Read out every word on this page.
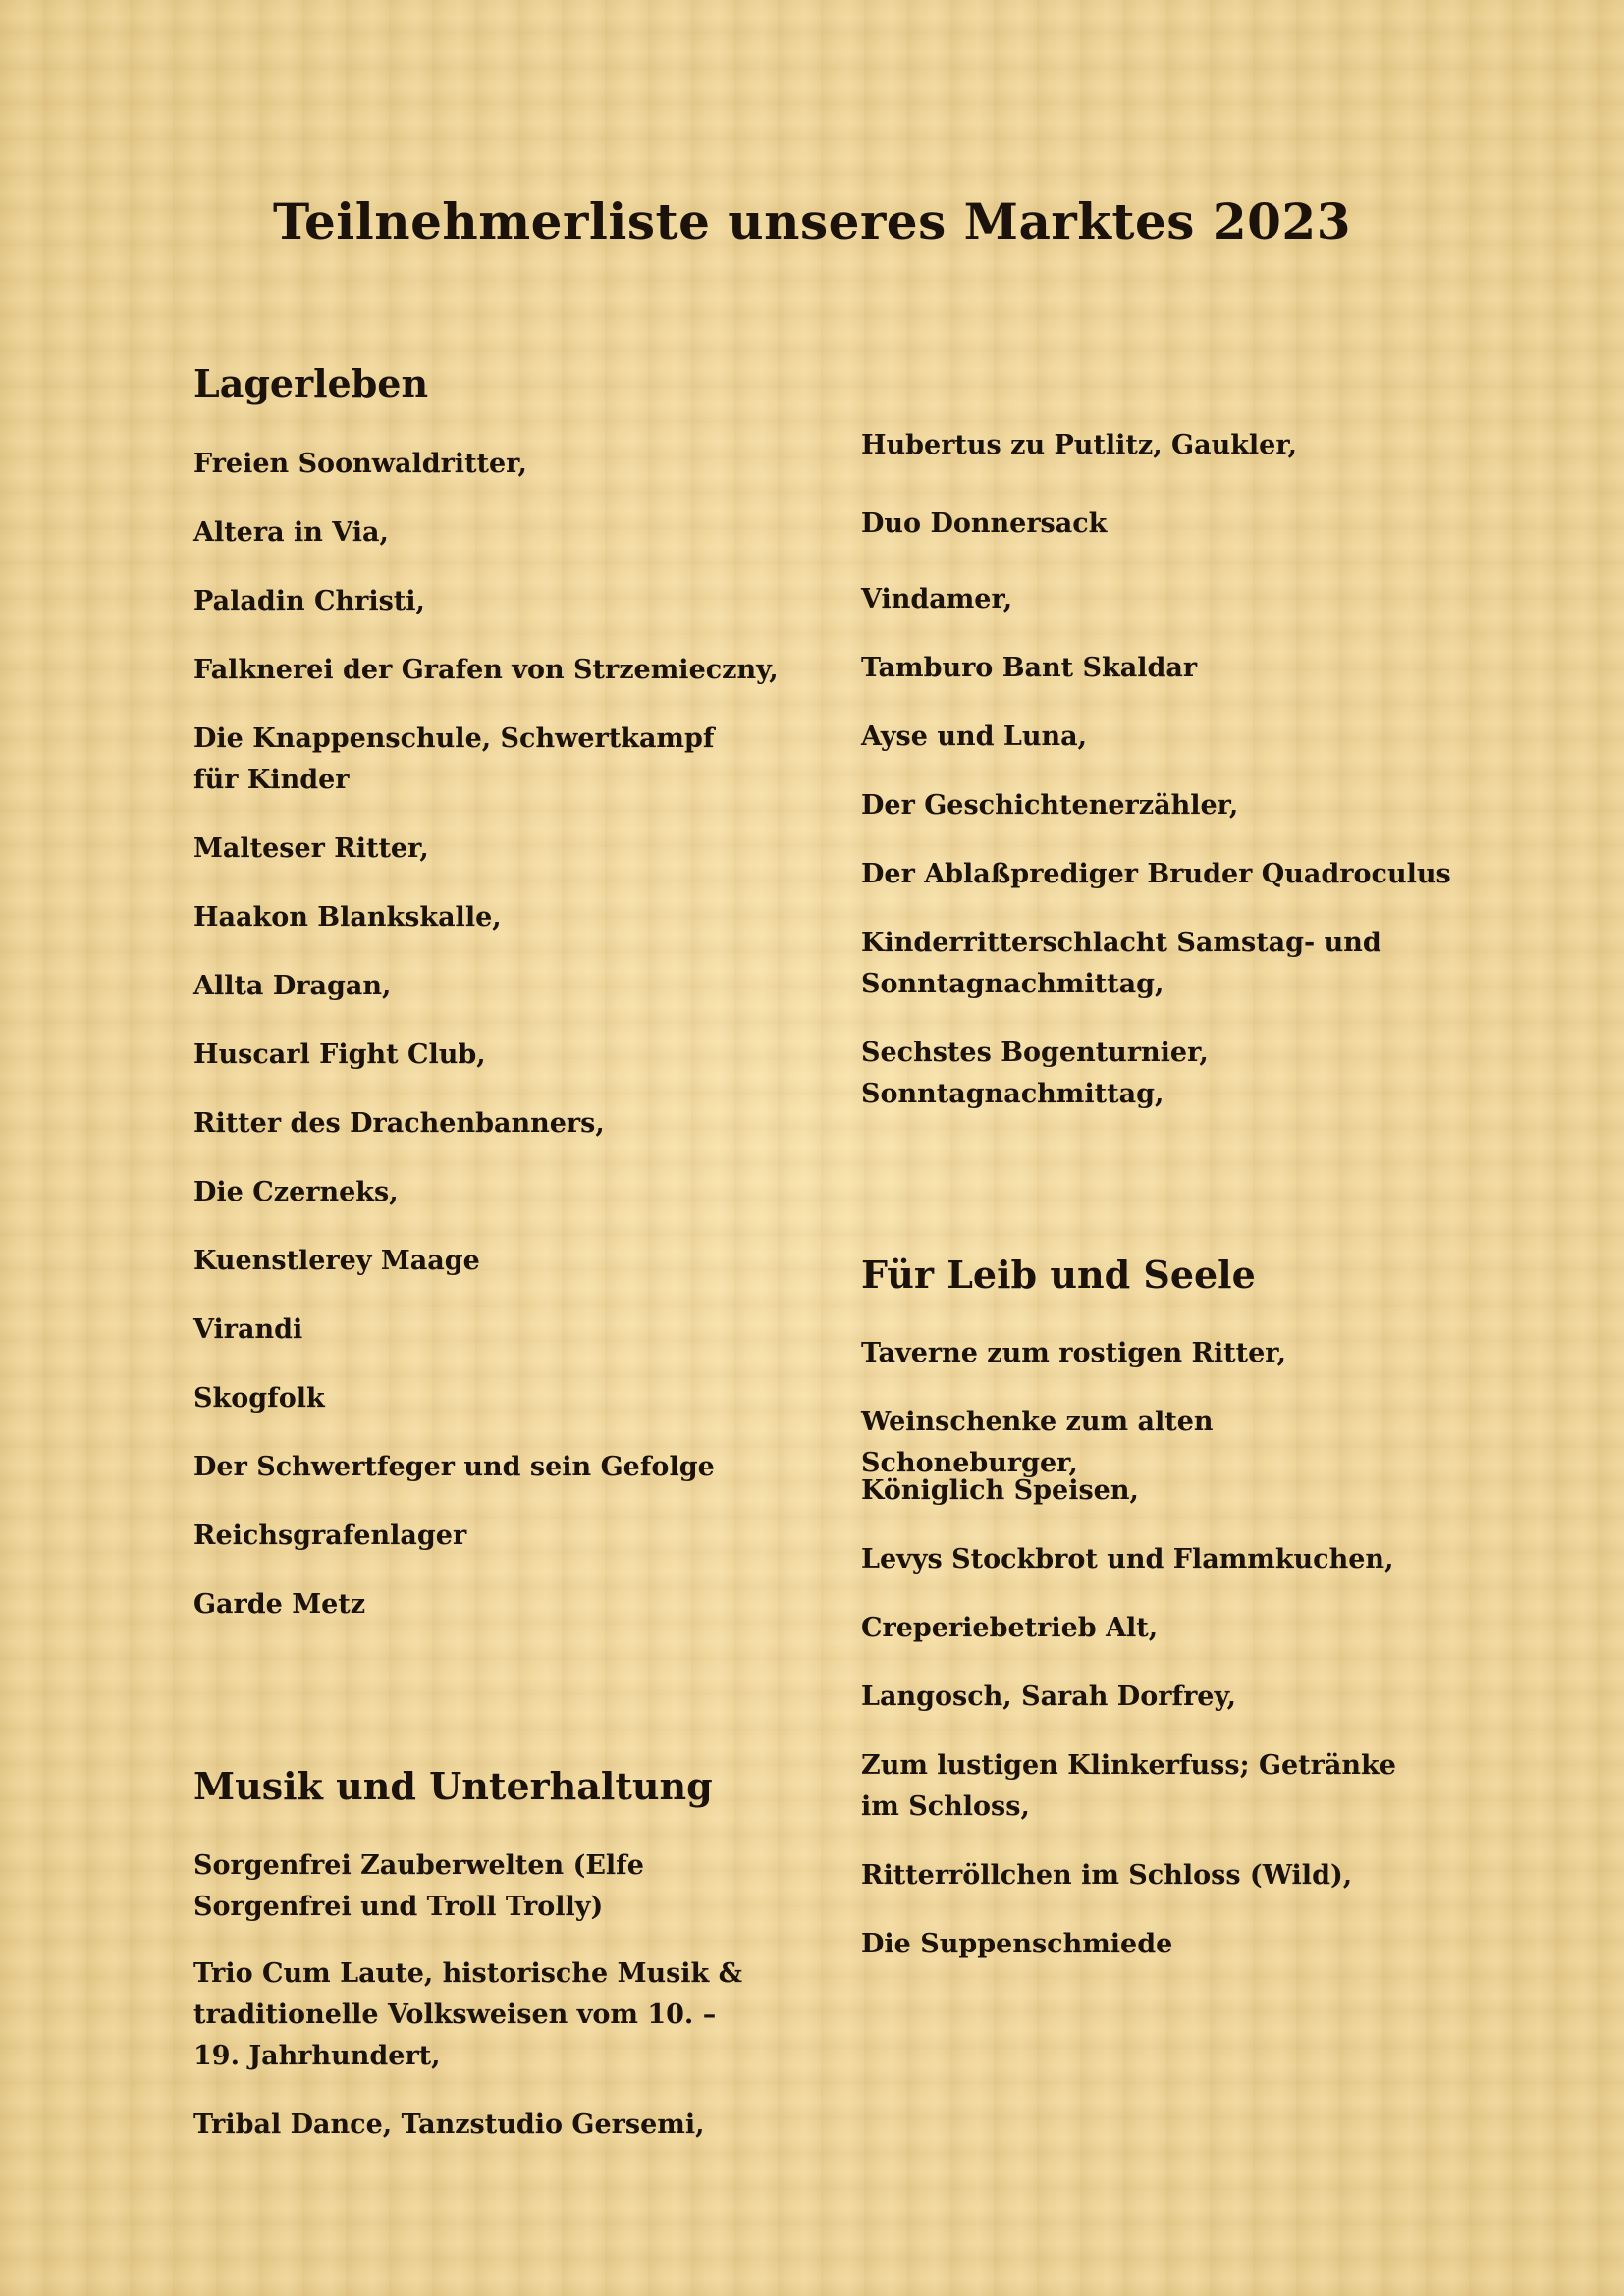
Teilnehmerliste unseres Marktes 2023
Lagerleben

Freien Soonwaldritter,

Altera in Via,

Paladin Christi,

Falknerei der Grafen von Strzemieczny,

Die Knappenschule, Schwertkampf für Kinder

Malteser Ritter,

Haakon Blankskalle,

Allta Dragan,

Huscarl Fight Club,

Ritter des Drachenbanners,

Die Czerneks,

Kuenstlerey Maage

Virandi

Skogfolk

Der Schwertfeger und sein Gefolge

Reichsgrafenlager

Garde Metz

Musik und Unterhaltung

Sorgenfrei Zauberwelten (Elfe Sorgenfrei und Troll Trolly)

Trio Cum Laute, historische Musik & traditionelle Volksweisen vom 10. – 19. Jahrhundert,

Tribal Dance, Tanzstudio Gersemi,

Hubertus zu Putlitz, Gaukler,

Duo Donnersack

Vindamer,

Tamburo Bant Skaldar

Ayse und Luna,

Der Geschichtenerzähler,

Der Ablaßprediger Bruder Quadroculus

Kinderritterschlacht Samstag- und Sonntagnachmittag,

Sechstes Bogenturnier, Sonntagnachmittag,

Für Leib und Seele

Taverne zum rostigen Ritter,

Weinschenke zum alten Schoneburger,

Königlich Speisen,

Levys Stockbrot und Flammkuchen,

Creperiebetrieb Alt,

Langosch, Sarah Dorfrey,

Zum lustigen Klinkerfuss; Getränke im Schloss,

Ritterröllchen im Schloss (Wild),

Die Suppenschmiede
